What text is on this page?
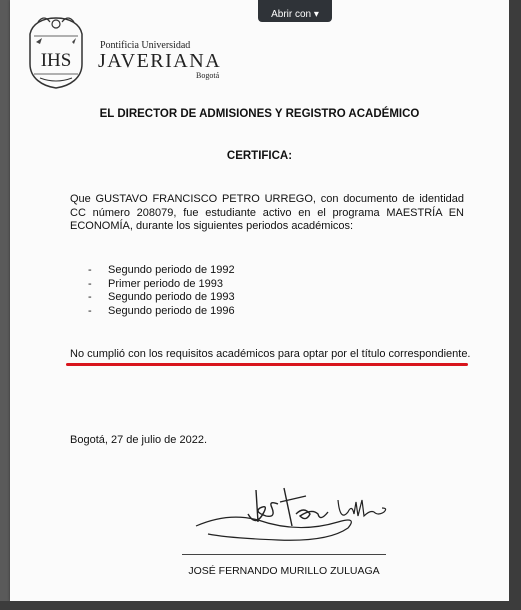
Abrir con ▾
IHS
Pontificia Universidad
JAVERIANA
Bogotá
EL DIRECTOR DE ADMISIONES Y REGISTRO ACADÉMICO
CERTIFICA:
Que GUSTAVO FRANCISCO PETRO URREGO, con documento de identidad CC número 208079, fue estudiante activo en el programa MAESTRÍA EN ECONOMÍA, durante los siguientes periodos académicos:
-	Segundo periodo de 1992
-	Primer periodo de 1993
-	Segundo periodo de 1993
-	Segundo periodo de 1996
No cumplió con los requisitos académicos para optar por el título correspondiente.
Bogotá, 27 de julio de 2022.
JOSÉ FERNANDO MURILLO ZULUAGA
